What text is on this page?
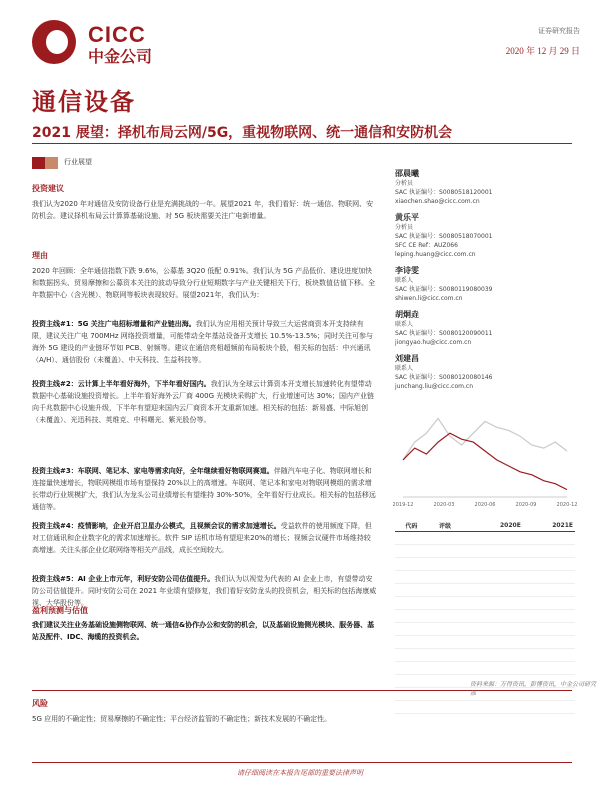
CICC
中金公司
证券研究报告
2020 年 12 月 29 日
通信设备
2021 展望：择机布局云网/5G，重视物联网、统一通信和安防机会
行业展望
投资建议
我们认为2020 年对通信及安防设备行业是充满挑战的一年。展望2021 年，我们看好：统一通信、物联网、安防机会。建议择机布局云计算算基础设施、对 5G 板块需要关注广电新增量。
理由
2020 年回顾：全年通信指数下跌 9.6%，公募基 3Q20 低配 0.91%。我们认为 5G 产品低价、建设进度加快和数据拐头、贸易摩擦和公募资本关注的波动导致分行业短期数字与产业关键相关下行，板块数值估值下移。全年数据中心（含光模）、物联网等板块表现较好。展望2021年，我们认为：
投资主线#1：5G 关注广电招标增量和产业链出海。我们认为应用相关预计导致三大运营商资本开支持续有限，建议关注广电 700MHz 网络投资增量，可能带动全年基站设备开支增长 10.5%-13.5%；同时关注可参与海外 5G 建设的产业链环节如 PCB、射频等。建议在通信亮相超频前布局板块个股，相关标的包括：中兴通讯（A/H）、通信股份（未覆盖）、中天科技、生益科技等。
投资主线#2：云计算上半年看好海外，下半年看好国内。我们认为全球云计算资本开支增长加速转化有望带动数据中心基础设施投资增长。上半年看好海外云厂商 400G 光模块采购扩大，行业增速可达 30%；国内产业链向千兆数据中心设施升级，下半年有望迎来国内云厂商资本开支重新加速。相关标的包括：新易盛、中际旭创（未覆盖）、光迅科技、英维克、中科曙光、紫光股份等。
投资主线#3：车联网、笔记本、家电等需求向好，全年继续看好物联网赛道。伴随汽车电子化、物联网增长和连接量快速增长，物联网模组市场有望保持 20%以上的高增速。车联网、笔记本和家电对物联网模组的需求增长带动行业规模扩大，我们认为龙头公司业绩增长有望维持 30%-50%，全年看好行业成长。相关标的包括移远通信等。
投资主线#4：疫情影响，企业开启卫星办公模式，且视频会议的需求加速增长。受益软件的使用频度下降，但对工信通讯和企业数字化的需求加速增长。软件 SIP 话机市场有望迎来20%的增长；视频会议硬件市场维持较高增速。关注头部企业亿联网络等相关产品线，成长空间较大。
投资主线#5：AI 企业上市元年，利好安防公司估值提升。我们认为以视觉为代表的 AI 企业上市，有望带动安防公司估值提升。同时安防公司在 2021 年业绩有望修复，我们看好安防龙头的投资机会，相关标的包括海康威视、大华股份等。
盈利预测与估值
我们建议关注业务基础设施侧物联网、统一通信&协作办公和安防的机会，以及基础设施侧光模块、服务器、基站及配件、IDC、海缆的投资机会。
风险
5G 应用的不确定性；贸易摩擦的不确定性；平台经济监管的不确定性；新技术发展的不确定性。
邵晨曦
分析员
SAC 执证编号：S0080518120001
xiaochen.shao@cicc.com.cn
黄乐平
分析员
SAC 执证编号：S0080518070001
SFC CE Ref：AUZ066
leping.huang@cicc.com.cn
李诗雯
联系人
SAC 执证编号：S0080119080039
shiwen.li@cicc.com.cn
胡炯垚
联系人
SAC 执证编号：S0080120090011
jiongyao.hu@cicc.com.cn
刘建昌
联系人
SAC 执证编号：S0080120080146
junchang.liu@cicc.com.cn
2019-12	2020-03	2020-06	2020-09	2020-12
	代码	评级	2020E	2021E

资料来源：万得资讯，彭博资讯，中金公司研究部
请仔细阅读在本报告尾部的重要法律声明
